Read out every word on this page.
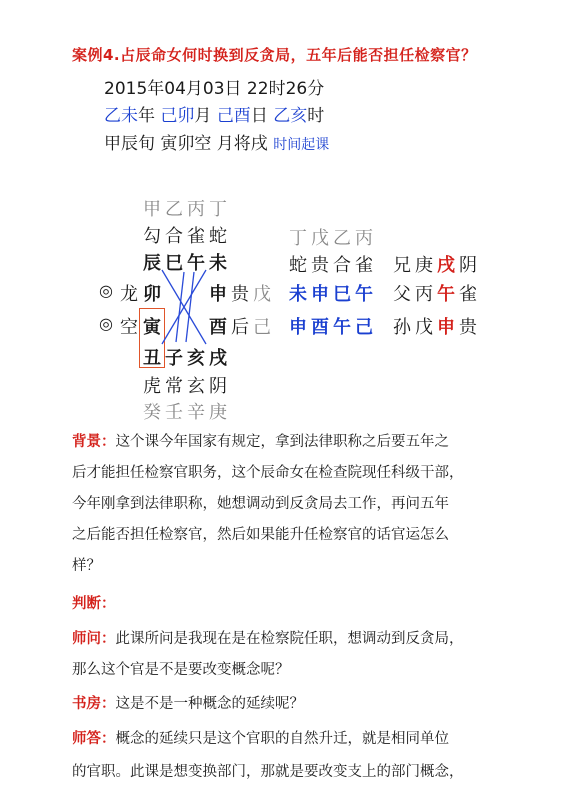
案例4.占辰命女何时换到反贪局，五年后能否担任检察官？
2015年04月03日 22时26分
乙未年 己卯月 己酉日 乙亥时
甲辰旬 寅卯空 月将戌 时间起课
甲 乙 丙 丁
勾 合 雀 蛇
辰 巳 午 未
◎ 龙 卯
◎ 空 寅
申 贵 戊
酉 后 己
丑 子 亥 戌
虎 常 玄 阴
癸 壬 辛 庚
丁 戊 乙 丙
蛇 贵 合 雀
未 申 巳 午
申 酉 午 己
兄 庚 戌 阴
父 丙 午 雀
孙 戊 申 贵
背景：这个课今年国家有规定，拿到法律职称之后要五年之
后才能担任检察官职务，这个辰命女在检查院现任科级干部，
今年刚拿到法律职称，她想调动到反贪局去工作，再问五年
之后能否担任检察官，然后如果能升任检察官的话官运怎么
样？
判断：
师问：此课所问是我现在是在检察院任职，想调动到反贪局，
那么这个官是不是要改变概念呢？
书房：这是不是一种概念的延续呢？
师答：概念的延续只是这个官职的自然升迁，就是相同单位
的官职。此课是想变换部门，那就是要改变支上的部门概念，
